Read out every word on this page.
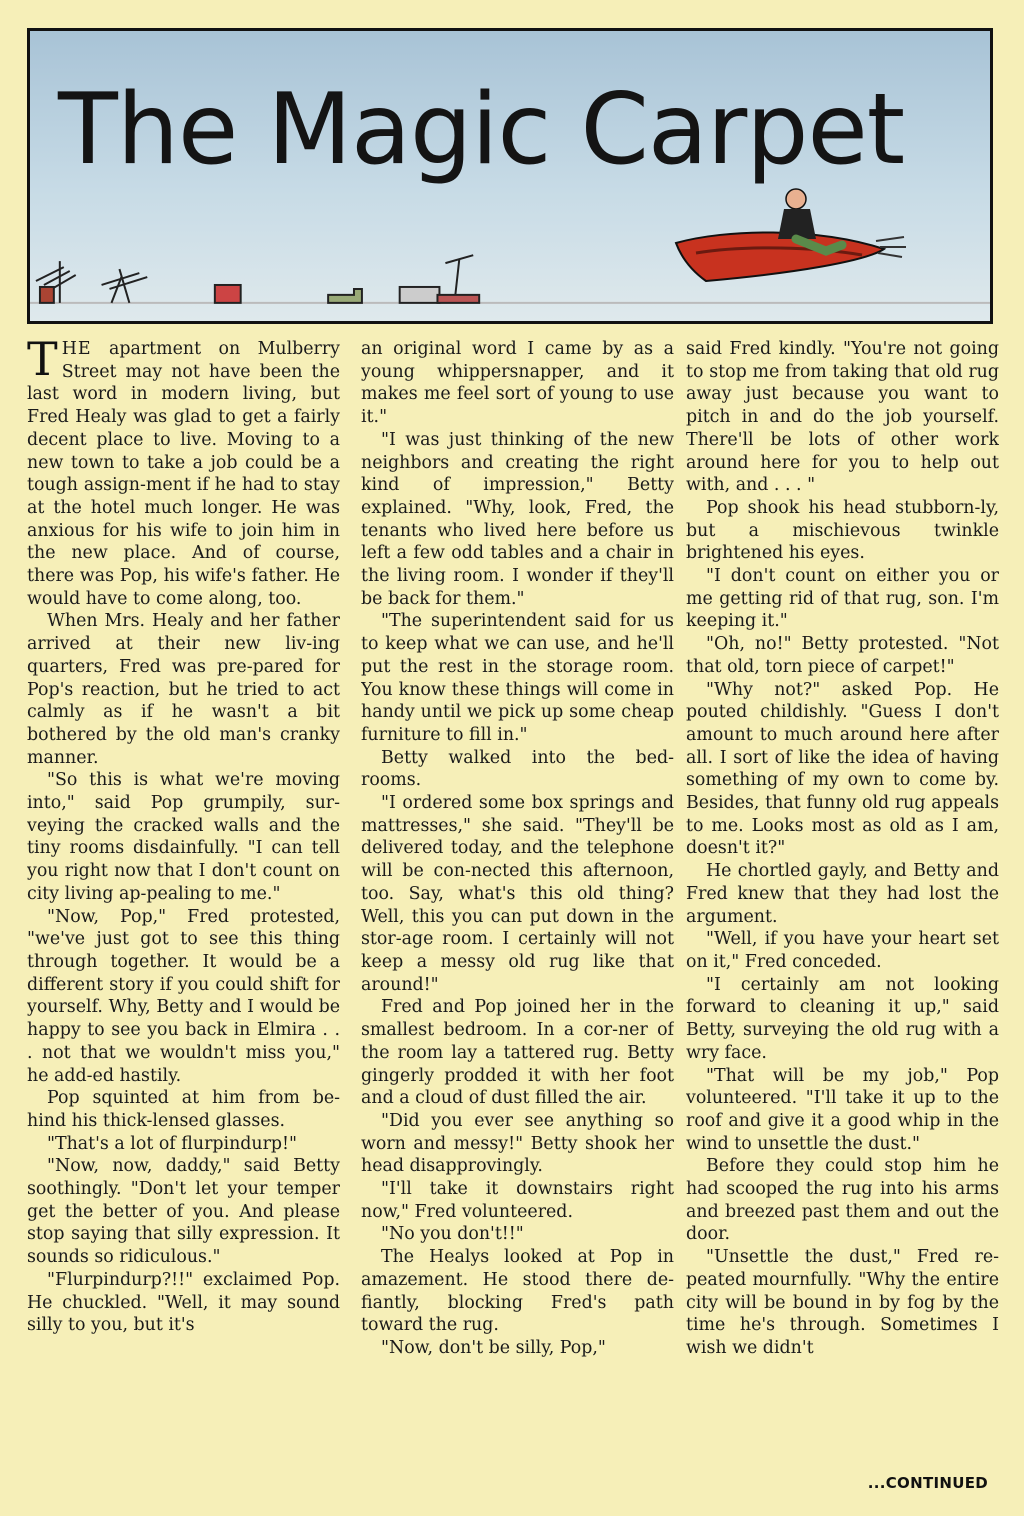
The Magic Carpet

THE apartment on Mulberry Street may not have been the last word in modern living, but Fred Healy was glad to get a fairly decent place to live. Moving to a new town to take a job could be a tough assign-ment if he had to stay at the hotel much longer. He was anxious for his wife to join him in the new place. And of course, there was Pop, his wife's father. He would have to come along, too.

When Mrs. Healy and her father arrived at their new liv-ing quarters, Fred was pre-pared for Pop's reaction, but he tried to act calmly as if he wasn't a bit bothered by the old man's cranky manner.

"So this is what we're moving into," said Pop grumpily, sur-veying the cracked walls and the tiny rooms disdainfully. "I can tell you right now that I don't count on city living ap-pealing to me."

"Now, Pop," Fred protested, "we've just got to see this thing through together. It would be a different story if you could shift for yourself. Why, Betty and I would be happy to see you back in Elmira . . . not that we wouldn't miss you," he add-ed hastily.

Pop squinted at him from be-hind his thick-lensed glasses.

"That's a lot of flurpindurp!"

"Now, now, daddy," said Betty soothingly. "Don't let your temper get the better of you. And please stop saying that silly expression. It sounds so ridiculous."

"Flurpindurp?!!" exclaimed Pop. He chuckled. "Well, it may sound silly to you, but it's

an original word I came by as a young whippersnapper, and it makes me feel sort of young to use it."

"I was just thinking of the new neighbors and creating the right kind of impression," Betty explained. "Why, look, Fred, the tenants who lived here before us left a few odd tables and a chair in the living room. I wonder if they'll be back for them."

"The superintendent said for us to keep what we can use, and he'll put the rest in the storage room. You know these things will come in handy until we pick up some cheap furniture to fill in."

Betty walked into the bed-rooms.

"I ordered some box springs and mattresses," she said. "They'll be delivered today, and the telephone will be con-nected this afternoon, too. Say, what's this old thing? Well, this you can put down in the stor-age room. I certainly will not keep a messy old rug like that around!"

Fred and Pop joined her in the smallest bedroom. In a cor-ner of the room lay a tattered rug. Betty gingerly prodded it with her foot and a cloud of dust filled the air.

"Did you ever see anything so worn and messy!" Betty shook her head disapprovingly.

"I'll take it downstairs right now," Fred volunteered.

"No you don't!!"

The Healys looked at Pop in amazement. He stood there de-fiantly, blocking Fred's path toward the rug.

"Now, don't be silly, Pop,"

said Fred kindly. "You're not going to stop me from taking that old rug away just because you want to pitch in and do the job yourself. There'll be lots of other work around here for you to help out with, and . . . "

Pop shook his head stubborn-ly, but a mischievous twinkle brightened his eyes.

"I don't count on either you or me getting rid of that rug, son. I'm keeping it."

"Oh, no!" Betty protested. "Not that old, torn piece of carpet!"

"Why not?" asked Pop. He pouted childishly. "Guess I don't amount to much around here after all. I sort of like the idea of having something of my own to come by. Besides, that funny old rug appeals to me. Looks most as old as I am, doesn't it?"

He chortled gayly, and Betty and Fred knew that they had lost the argument.

"Well, if you have your heart set on it," Fred conceded.

"I certainly am not looking forward to cleaning it up," said Betty, surveying the old rug with a wry face.

"That will be my job," Pop volunteered. "I'll take it up to the roof and give it a good whip in the wind to unsettle the dust."

Before they could stop him he had scooped the rug into his arms and breezed past them and out the door.

"Unsettle the dust," Fred re-peated mournfully. "Why the entire city will be bound in by fog by the time he's through. Sometimes I wish we didn't

...CONTINUED
